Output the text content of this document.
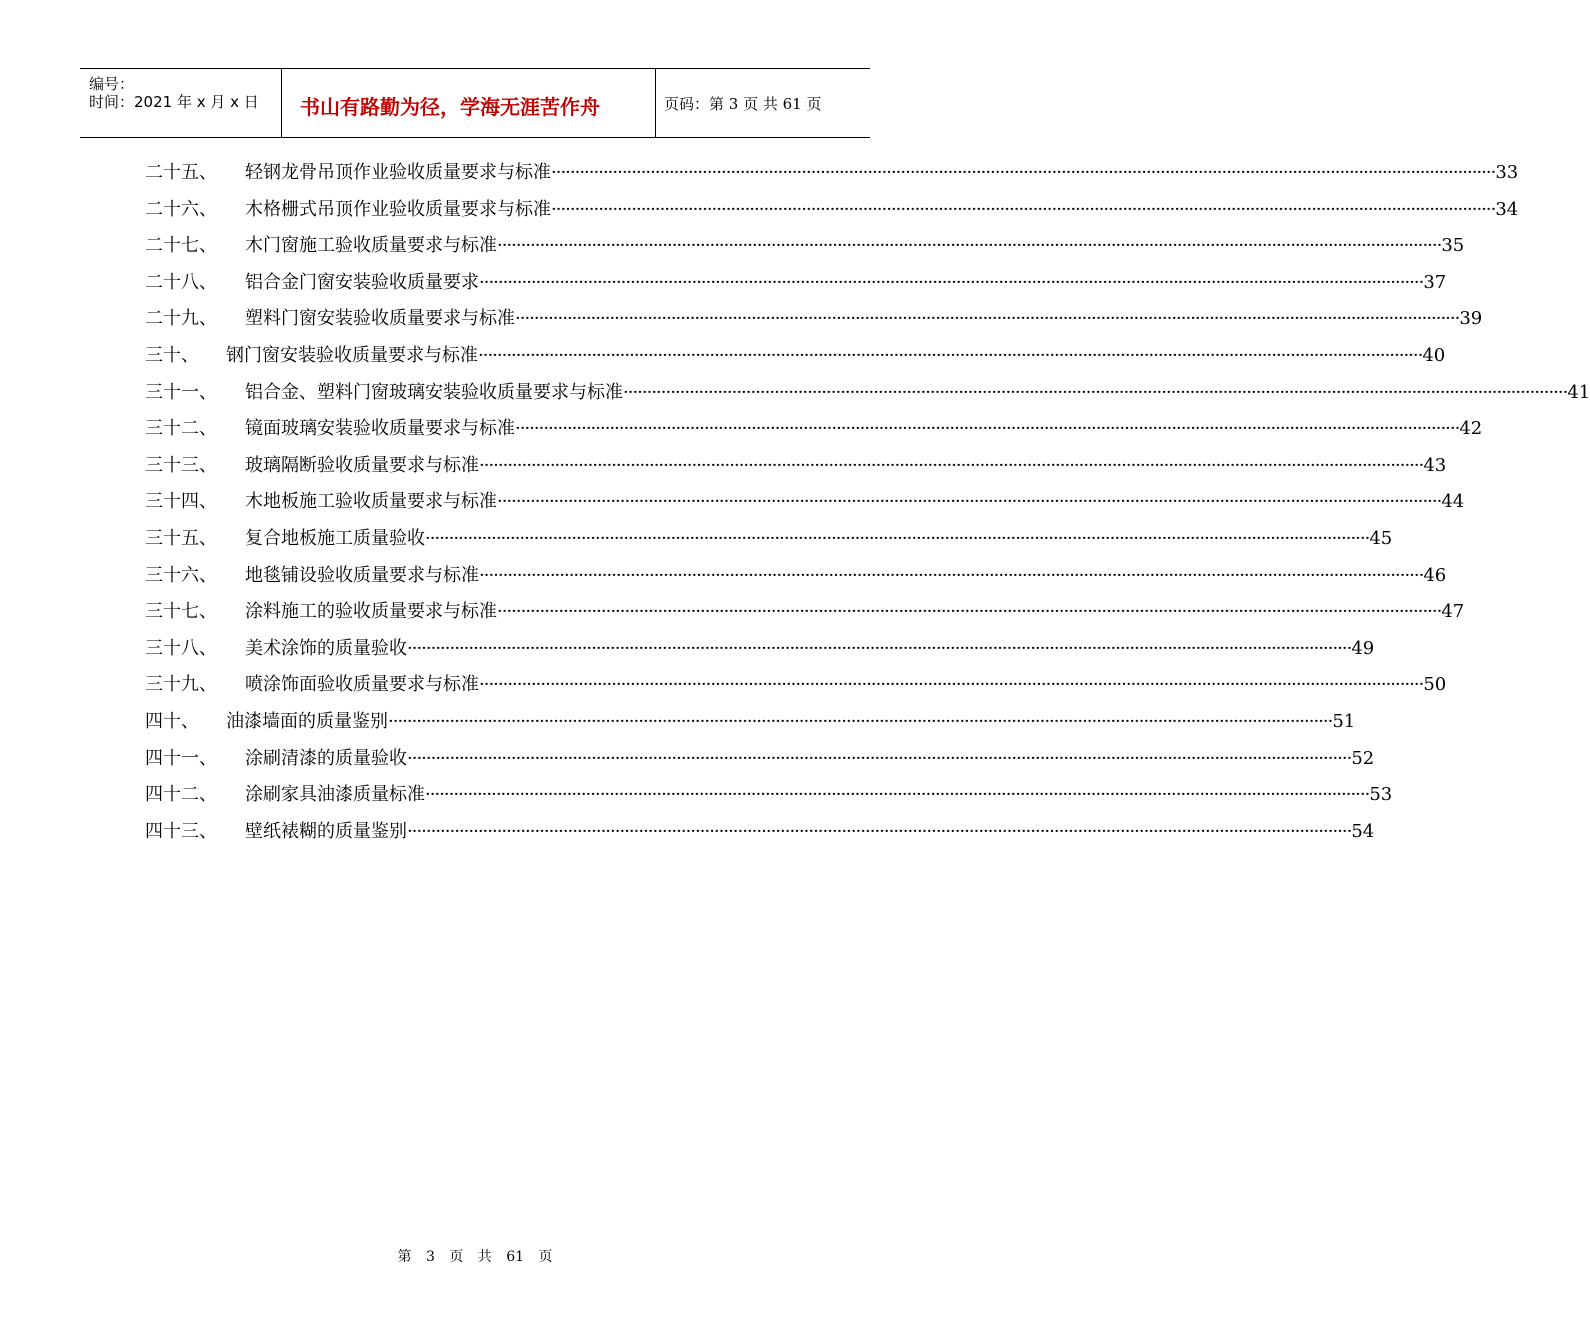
编号：
时间：2021 年 x 月 x 日 书山有路勤为径，学海无涯苦作舟	页码：第 3 页 共 61 页
二十五、 轻钢龙骨吊顶作业验收质量要求与标准 ········································································································································································································ 33
二十六、 木格栅式吊顶作业验收质量要求与标准 ········································································································································································································ 34
二十七、 木门窗施工验收质量要求与标准 ········································································································································································································ 35
二十八、 铝合金门窗安装验收质量要求 ········································································································································································································ 37
二十九、 塑料门窗安装验收质量要求与标准 ········································································································································································································ 39
三十、 钢门窗安装验收质量要求与标准 ········································································································································································································ 40
三十一、 铝合金、塑料门窗玻璃安装验收质量要求与标准 ········································································································································································································ 41
三十二、 镜面玻璃安装验收质量要求与标准 ········································································································································································································ 42
三十三、 玻璃隔断验收质量要求与标准 ········································································································································································································ 43
三十四、 木地板施工验收质量要求与标准 ········································································································································································································ 44
三十五、 复合地板施工质量验收 ········································································································································································································ 45
三十六、 地毯铺设验收质量要求与标准 ········································································································································································································ 46
三十七、 涂料施工的验收质量要求与标准 ········································································································································································································ 47
三十八、 美术涂饰的质量验收 ········································································································································································································ 49
三十九、 喷涂饰面验收质量要求与标准 ········································································································································································································ 50
四十、 油漆墙面的质量鉴别 ········································································································································································································ 51
四十一、 涂刷清漆的质量验收 ········································································································································································································ 52
四十二、 涂刷家具油漆质量标准 ········································································································································································································ 53
四十三、 壁纸裱糊的质量鉴别 ········································································································································································································ 54
第 3 页 共 61 页
